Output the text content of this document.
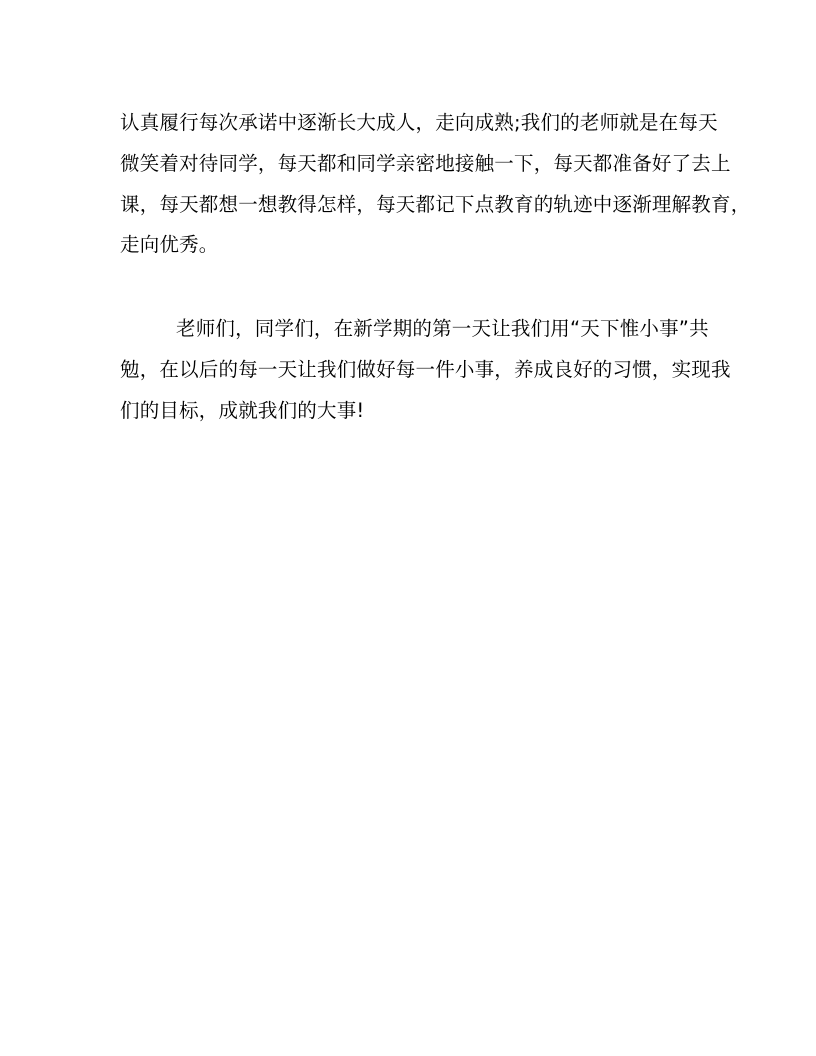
认真履行每次承诺中逐渐长大成人，走向成熟;我们的老师就是在每天
微笑着对待同学，每天都和同学亲密地接触一下，每天都准备好了去上
课，每天都想一想教得怎样，每天都记下点教育的轨迹中逐渐理解教育，
走向优秀。
老师们，同学们，在新学期的第一天让我们用“天下惟小事”共
勉，在以后的每一天让我们做好每一件小事，养成良好的习惯，实现我
们的目标，成就我们的大事!
